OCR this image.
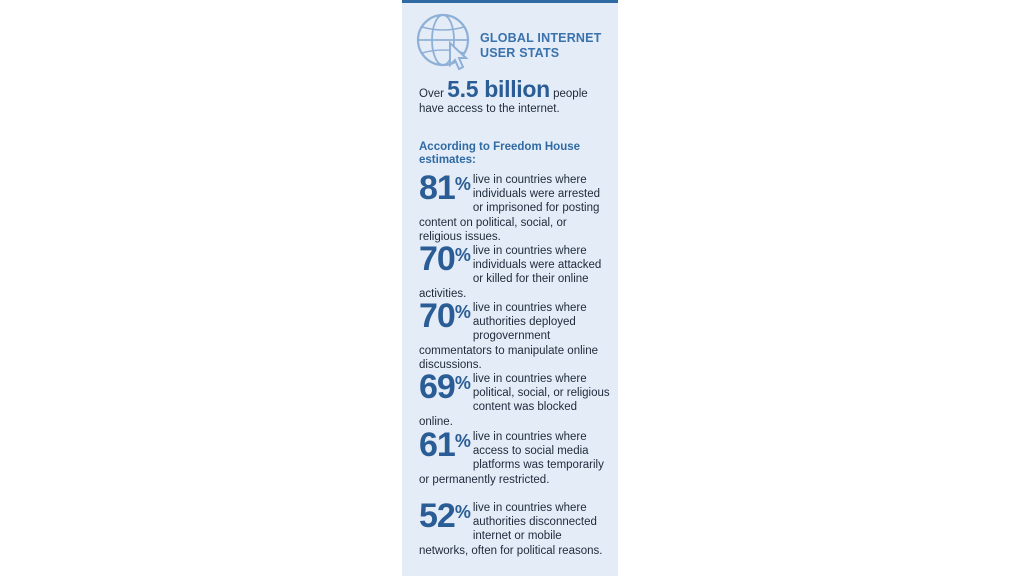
GLOBAL INTERNET
USER STATS
Over 5.5 billion people have access to the internet.
According to Freedom House estimates:
81% live in countries where individuals were arrested or imprisoned for posting content on political, social, or religious issues.
70% live in countries where individuals were attacked or killed for their online activities.
70% live in countries where authorities deployed progovernment commentators to manipulate online discussions.
69% live in countries where political, social, or religious content was blocked online.
61% live in countries where access to social media platforms was temporarily or permanently restricted.
52% live in countries where authorities disconnected internet or mobile networks, often for political reasons.
